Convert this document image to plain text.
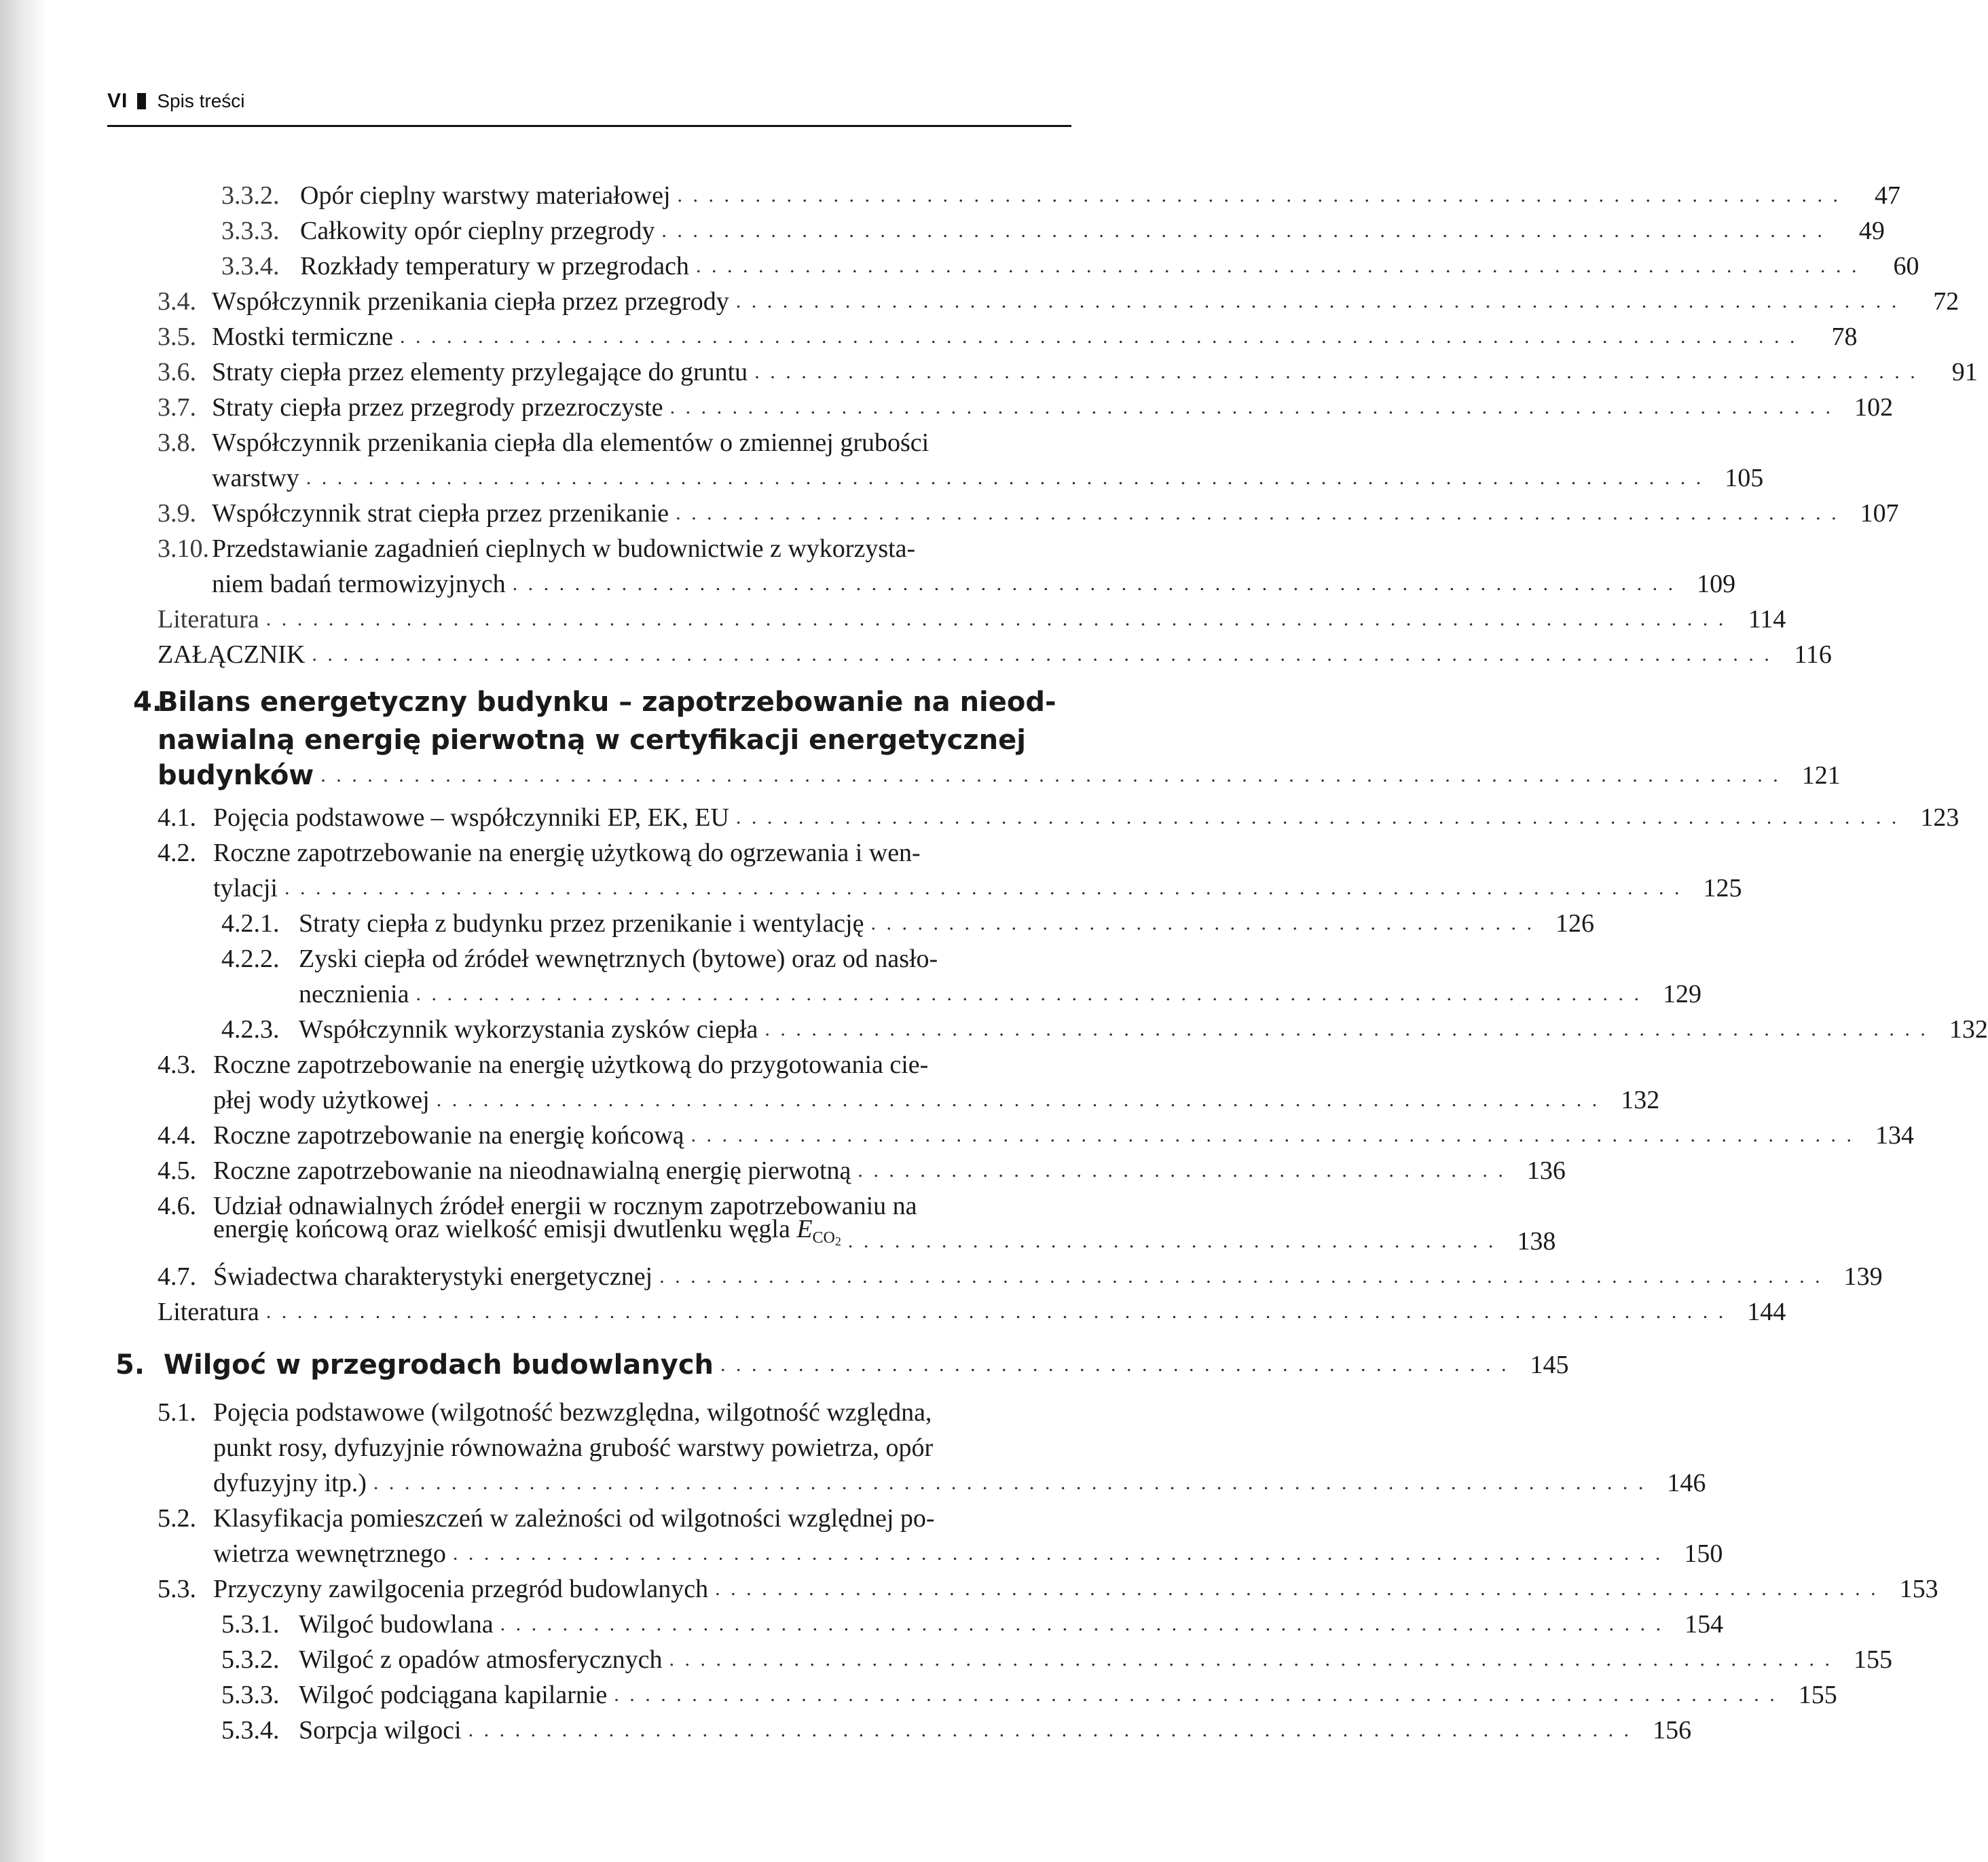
VI Spis treści
3.3.2. Opór cieplny warstwy materiałowej . . . . . . . . . . . . . . . . . . . . . . . . . . . . . . . . . . . . . . . . . . . . . . . . . . . . . . . . . . . . . . . . . . . . . . . . . . .	47
3.3.3. Całkowity opór cieplny przegrody . . . . . . . . . . . . . . . . . . . . . . . . . . . . . . . . . . . . . . . . . . . . . . . . . . . . . . . . . . . . . . . . . . . . . . . . . . .	49
3.3.4. Rozkłady temperatury w przegrodach . . . . . . . . . . . . . . . . . . . . . . . . . . . . . . . . . . . . . . . . . . . . . . . . . . . . . . . . . . . . . . . . . . . . . . . . . . .	60
3.4. Współczynnik przenikania ciepła przez przegrody . . . . . . . . . . . . . . . . . . . . . . . . . . . . . . . . . . . . . . . . . . . . . . . . . . . . . . . . . . . . . . . . . . . . . . . . . . .	72
3.5. Mostki termiczne . . . . . . . . . . . . . . . . . . . . . . . . . . . . . . . . . . . . . . . . . . . . . . . . . . . . . . . . . . . . . . . . . . . . . . . . . . . . . . . . . . . . . . . . . .	78
3.6. Straty ciepła przez elementy przylegające do gruntu . . . . . . . . . . . . . . . . . . . . . . . . . . . . . . . . . . . . . . . . . . . . . . . . . . . . . . . . . . . . . . . . . . . . . . . . . . .	91
3.7. Straty ciepła przez przegrody przezroczyste . . . . . . . . . . . . . . . . . . . . . . . . . . . . . . . . . . . . . . . . . . . . . . . . . . . . . . . . . . . . . . . . . . . . . . . . . . . 102
3.8. Współczynnik przenikania ciepła dla elementów o zmiennej grubości
warstwy . . . . . . . . . . . . . . . . . . . . . . . . . . . . . . . . . . . . . . . . . . . . . . . . . . . . . . . . . . . . . . . . . . . . . . . . . . . . . . . . . . . . . . . . . . 105
3.9. Współczynnik strat ciepła przez przenikanie . . . . . . . . . . . . . . . . . . . . . . . . . . . . . . . . . . . . . . . . . . . . . . . . . . . . . . . . . . . . . . . . . . . . . . . . . . . 107
3.10. Przedstawianie zagadnień cieplnych w budownictwie z wykorzysta-
niem badań termowizyjnych . . . . . . . . . . . . . . . . . . . . . . . . . . . . . . . . . . . . . . . . . . . . . . . . . . . . . . . . . . . . . . . . . . . . . . . . . . . 109
Literatura . . . . . . . . . . . . . . . . . . . . . . . . . . . . . . . . . . . . . . . . . . . . . . . . . . . . . . . . . . . . . . . . . . . . . . . . . . . . . . . . . . . . . . . . . . . . . . 114
ZAŁĄCZNIK . . . . . . . . . . . . . . . . . . . . . . . . . . . . . . . . . . . . . . . . . . . . . . . . . . . . . . . . . . . . . . . . . . . . . . . . . . . . . . . . . . . . . . . . . . . . . . 116
4.
Bilans energetyczny budynku – zapotrzebowanie na nieod-
nawialną energię pierwotną w certyfikacji energetycznej
budynków . . . . . . . . . . . . . . . . . . . . . . . . . . . . . . . . . . . . . . . . . . . . . . . . . . . . . . . . . . . . . . . . . . . . . . . . . . . . . . . . . . . . . . . . . . . . . . 121
4.1. Pojęcia podstawowe – współczynniki EP, EK, EU . . . . . . . . . . . . . . . . . . . . . . . . . . . . . . . . . . . . . . . . . . . . . . . . . . . . . . . . . . . . . . . . . . . . . . . . . . . 123
4.2. Roczne zapotrzebowanie na energię użytkową do ogrzewania i wen-
tylacji . . . . . . . . . . . . . . . . . . . . . . . . . . . . . . . . . . . . . . . . . . . . . . . . . . . . . . . . . . . . . . . . . . . . . . . . . . . . . . . . . . . . . . . . . . 125
4.2.1. Straty ciepła z budynku przez przenikanie i wentylację . . . . . . . . . . . . . . . . . . . . . . . . . . . . . . . . . . . . . . . . . . . 126
4.2.2. Zyski ciepła od źródeł wewnętrznych (bytowe) oraz od nasło-
necznienia . . . . . . . . . . . . . . . . . . . . . . . . . . . . . . . . . . . . . . . . . . . . . . . . . . . . . . . . . . . . . . . . . . . . . . . . . . . . . . . 129
4.2.3. Współczynnik wykorzystania zysków ciepła . . . . . . . . . . . . . . . . . . . . . . . . . . . . . . . . . . . . . . . . . . . . . . . . . . . . . . . . . . . . . . . . . . . . . . . . . . . 132
4.3. Roczne zapotrzebowanie na energię użytkową do przygotowania cie-
płej wody użytkowej . . . . . . . . . . . . . . . . . . . . . . . . . . . . . . . . . . . . . . . . . . . . . . . . . . . . . . . . . . . . . . . . . . . . . . . . . . . 132
4.4. Roczne zapotrzebowanie na energię końcową . . . . . . . . . . . . . . . . . . . . . . . . . . . . . . . . . . . . . . . . . . . . . . . . . . . . . . . . . . . . . . . . . . . . . . . . . . . 134
4.5. Roczne zapotrzebowanie na nieodnawialną energię pierwotną . . . . . . . . . . . . . . . . . . . . . . . . . . . . . . . . . . . . . . . . . . 136
4.6. Udział odnawialnych źródeł energii w rocznym zapotrzebowaniu na
energię końcową oraz wielkość emisji dwutlenku węgla $E_{CO2}$ . . . . . . . . . . . . . . . . . . . . . . . . . . . . . . . . . . . . . . . . . . 138
4.7. Świadectwa charakterystyki energetycznej . . . . . . . . . . . . . . . . . . . . . . . . . . . . . . . . . . . . . . . . . . . . . . . . . . . . . . . . . . . . . . . . . . . . . . . . . . . 139
Literatura . . . . . . . . . . . . . . . . . . . . . . . . . . . . . . . . . . . . . . . . . . . . . . . . . . . . . . . . . . . . . . . . . . . . . . . . . . . . . . . . . . . . . . . . . . . . . . 144
5. Wilgoć w przegrodach budowlanych . . . . . . . . . . . . . . . . . . . . . . . . . . . . . . . . . . . . . . . . . . . . . . . . . . . 145
5.1. Pojęcia podstawowe (wilgotność bezwzględna, wilgotność względna,
punkt rosy, dyfuzyjnie równoważna grubość warstwy powietrza, opór
dyfuzyjny itp.) . . . . . . . . . . . . . . . . . . . . . . . . . . . . . . . . . . . . . . . . . . . . . . . . . . . . . . . . . . . . . . . . . . . . . . . . . . . . . . . . . . 146
5.2. Klasyfikacja pomieszczeń w zależności od wilgotności względnej po-
wietrza wewnętrznego . . . . . . . . . . . . . . . . . . . . . . . . . . . . . . . . . . . . . . . . . . . . . . . . . . . . . . . . . . . . . . . . . . . . . . . . . . . . . . 150
5.3. Przyczyny zawilgocenia przegród budowlanych . . . . . . . . . . . . . . . . . . . . . . . . . . . . . . . . . . . . . . . . . . . . . . . . . . . . . . . . . . . . . . . . . . . . . . . . . . . 153
5.3.1. Wilgoć budowlana . . . . . . . . . . . . . . . . . . . . . . . . . . . . . . . . . . . . . . . . . . . . . . . . . . . . . . . . . . . . . . . . . . . . . . . . . . . 154
5.3.2. Wilgoć z opadów atmosferycznych . . . . . . . . . . . . . . . . . . . . . . . . . . . . . . . . . . . . . . . . . . . . . . . . . . . . . . . . . . . . . . . . . . . . . . . . . . . 155
5.3.3. Wilgoć podciągana kapilarnie . . . . . . . . . . . . . . . . . . . . . . . . . . . . . . . . . . . . . . . . . . . . . . . . . . . . . . . . . . . . . . . . . . . . . . . . . . . 155
5.3.4. Sorpcja wilgoci . . . . . . . . . . . . . . . . . . . . . . . . . . . . . . . . . . . . . . . . . . . . . . . . . . . . . . . . . . . . . . . . . . . . . . . . . . . 156
